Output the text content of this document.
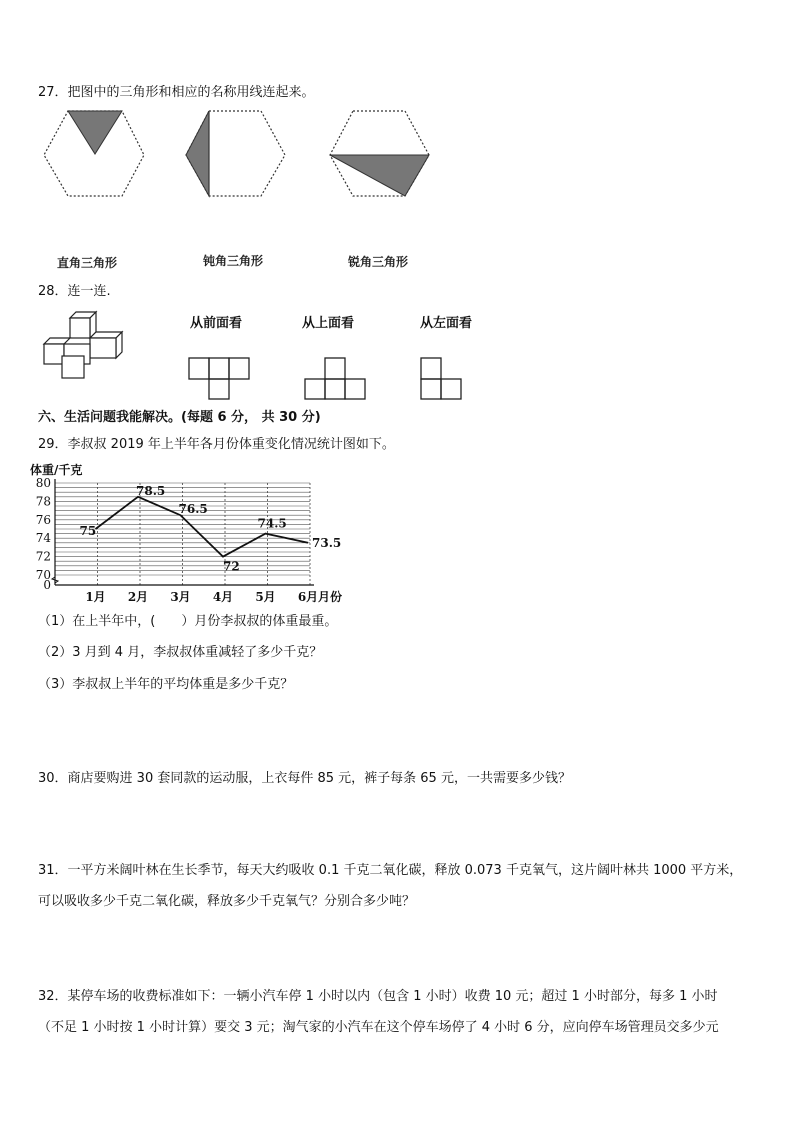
27．把图中的三角形和相应的名称用线连起来。
直角三角形	钝角三角形	锐角三角形
28．连一连.
从前面看	从上面看	从左面看
六、生活问题我能解决。(每题 6 分， 共 30 分)
29．李叔叔 2019 年上半年各月份体重变化情况统计图如下。
体重/千克
80
78
76
74
72
70
0
1月 2月 3月 4月 5月 6月 月份
75
78.5
76.5
72
74.5
73.5
（1）在上半年中，(　　）月份李叔叔的体重最重。
（2）3 月到 4 月，李叔叔体重减轻了多少千克？
（3）李叔叔上半年的平均体重是多少千克？
30．商店要购进 30 套同款的运动服，上衣每件 85 元，裤子每条 65 元，一共需要多少钱？
31．一平方米阔叶林在生长季节，每天大约吸收 0.1 千克二氧化碳，释放 0.073 千克氧气，这片阔叶林共 1000 平方米，
可以吸收多少千克二氧化碳，释放多少千克氧气？分别合多少吨？
32．某停车场的收费标准如下：一辆小汽车停 1 小时以内（包含 1 小时）收费 10 元；超过 1 小时部分，每多 1 小时
（不足 1 小时按 1 小时计算）要交 3 元；淘气家的小汽车在这个停车场停了 4 小时 6 分，应向停车场管理员交多少元
